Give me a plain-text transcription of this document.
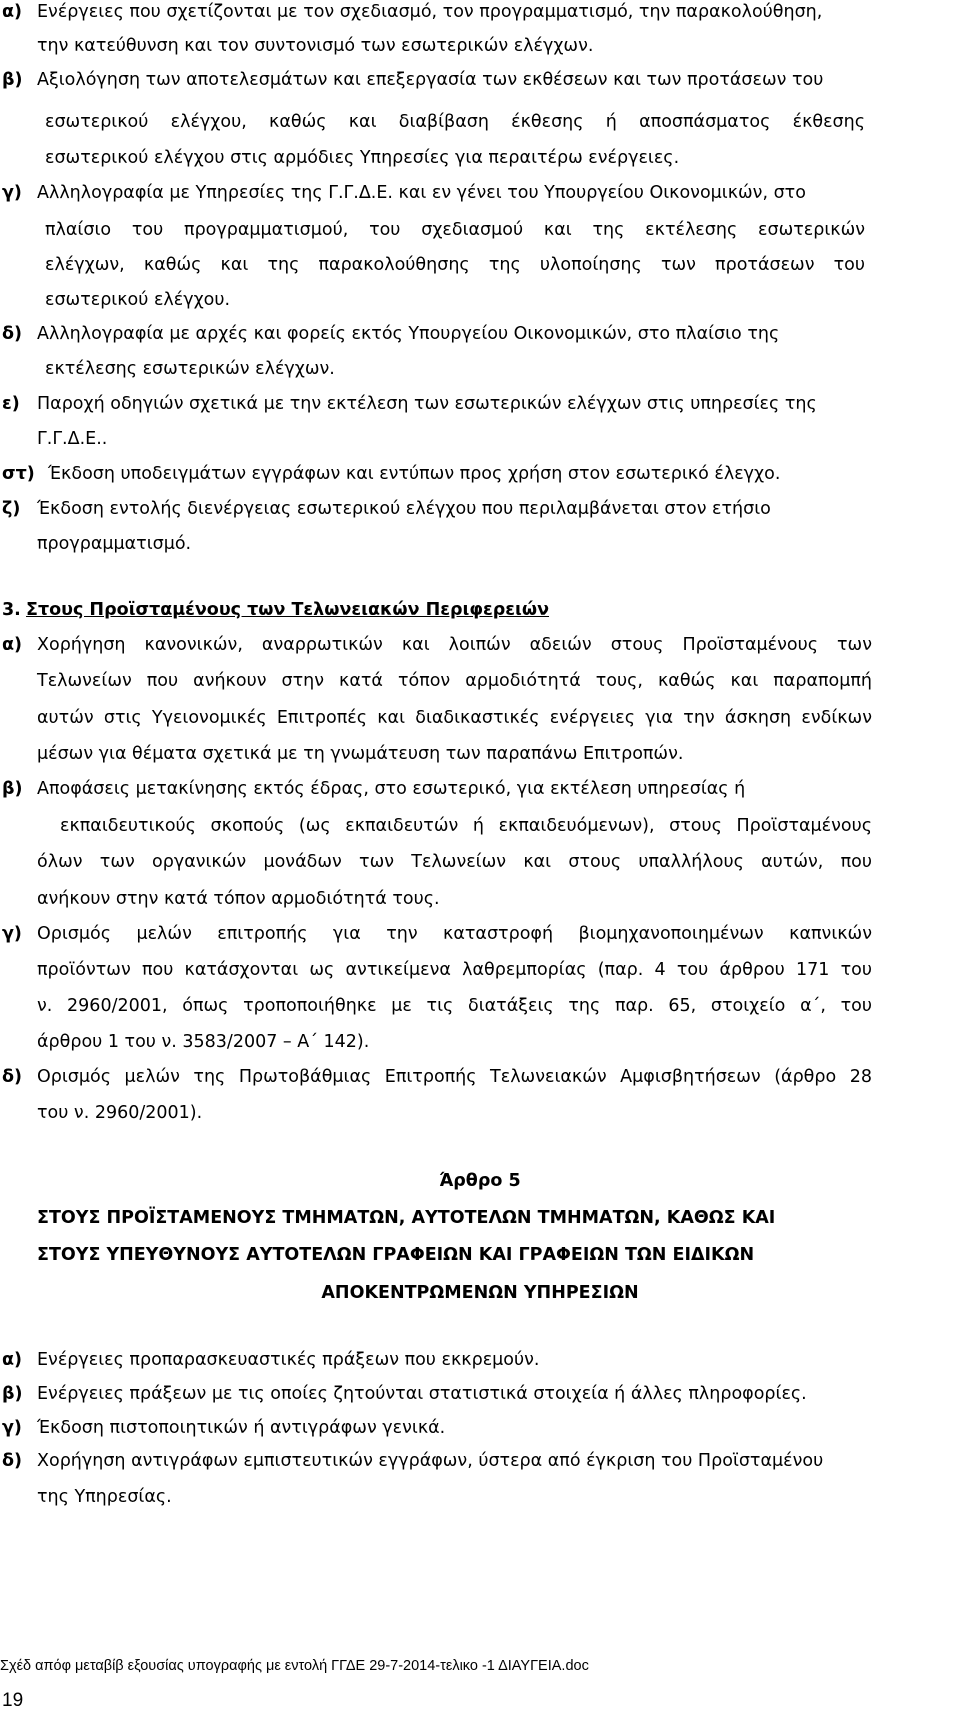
α) Ενέργειες που σχετίζονται με τον σχεδιασμό, τον προγραμματισμό, την παρακολούθηση,
την κατεύθυνση και τον συντονισμό των εσωτερικών ελέγχων.
β) Αξιολόγηση των αποτελεσμάτων και επεξεργασία των εκθέσεων και των προτάσεων του
εσωτερικού ελέγχου, καθώς και διαβίβαση έκθεσης ή αποσπάσματος έκθεσης
εσωτερικού ελέγχου στις αρμόδιες Υπηρεσίες για περαιτέρω ενέργειες.
γ) Αλληλογραφία με Υπηρεσίες της Γ.Γ.Δ.Ε. και εν γένει του Υπουργείου Οικονομικών, στο
πλαίσιο του προγραμματισμού, του σχεδιασμού και της εκτέλεσης εσωτερικών
ελέγχων, καθώς και της παρακολούθησης της υλοποίησης των προτάσεων του
εσωτερικού ελέγχου.
δ) Αλληλογραφία με αρχές και φορείς εκτός Υπουργείου Οικονομικών, στο πλαίσιο της
εκτέλεσης εσωτερικών ελέγχων.
ε) Παροχή οδηγιών σχετικά με την εκτέλεση των εσωτερικών ελέγχων στις υπηρεσίες της
Γ.Γ.Δ.Ε..
στ) Έκδοση υποδειγμάτων εγγράφων και εντύπων προς χρήση στον εσωτερικό έλεγχο.
ζ) Έκδοση εντολής διενέργειας εσωτερικού ελέγχου που περιλαμβάνεται στον ετήσιο
προγραμματισμό.
3. Στους Προϊσταμένους των Τελωνειακών Περιφερειών
α) Χορήγηση κανονικών, αναρρωτικών και λοιπών αδειών στους Προϊσταμένους των
Τελωνείων που ανήκουν στην κατά τόπον αρμοδιότητά τους, καθώς και παραπομπή
αυτών στις Υγειονομικές Επιτροπές και διαδικαστικές ενέργειες για την άσκηση ενδίκων
μέσων για θέματα σχετικά με τη γνωμάτευση των παραπάνω Επιτροπών.
β) Αποφάσεις μετακίνησης εκτός έδρας, στο εσωτερικό, για εκτέλεση υπηρεσίας ή
εκπαιδευτικούς σκοπούς (ως εκπαιδευτών ή εκπαιδευόμενων), στους Προϊσταμένους
όλων των οργανικών μονάδων των Τελωνείων και στους υπαλλήλους αυτών, που
ανήκουν στην κατά τόπον αρμοδιότητά τους.
γ) Ορισμός μελών επιτροπής για την καταστροφή βιομηχανοποιημένων καπνικών
προϊόντων που κατάσχονται ως αντικείμενα λαθρεμπορίας (παρ. 4 του άρθρου 171 του
ν. 2960/2001, όπως τροποποιήθηκε με τις διατάξεις της παρ. 65, στοιχείο α΄, του
άρθρου 1 του ν. 3583/2007 – Α΄ 142).
δ) Ορισμός μελών της Πρωτοβάθμιας Επιτροπής Τελωνειακών Αμφισβητήσεων (άρθρο 28
του ν. 2960/2001).
Άρθρο 5
ΣΤΟΥΣ ΠΡΟΪΣΤΑΜΕΝΟΥΣ ΤΜΗΜΑΤΩΝ, ΑΥΤΟΤΕΛΩΝ ΤΜΗΜΑΤΩΝ, ΚΑΘΩΣ ΚΑΙ
ΣΤΟΥΣ ΥΠΕΥΘΥΝΟΥΣ ΑΥΤΟΤΕΛΩΝ ΓΡΑΦΕΙΩΝ ΚΑΙ ΓΡΑΦΕΙΩΝ ΤΩΝ ΕΙΔΙΚΩΝ
ΑΠΟΚΕΝΤΡΩΜΕΝΩΝ ΥΠΗΡΕΣΙΩΝ
α) Ενέργειες προπαρασκευαστικές πράξεων που εκκρεμούν.
β) Ενέργειες πράξεων με τις οποίες ζητούνται στατιστικά στοιχεία ή άλλες πληροφορίες.
γ) Έκδοση πιστοποιητικών ή αντιγράφων γενικά.
δ) Χορήγηση αντιγράφων εμπιστευτικών εγγράφων, ύστερα από έγκριση του Προϊσταμένου
της Υπηρεσίας.
Σχέδ απόφ μεταβίβ εξουσίας υπογραφής με εντολή ΓΓΔΕ 29-7-2014-τελικο -1 ΔΙΑΥΓΕΙΑ.doc
19
